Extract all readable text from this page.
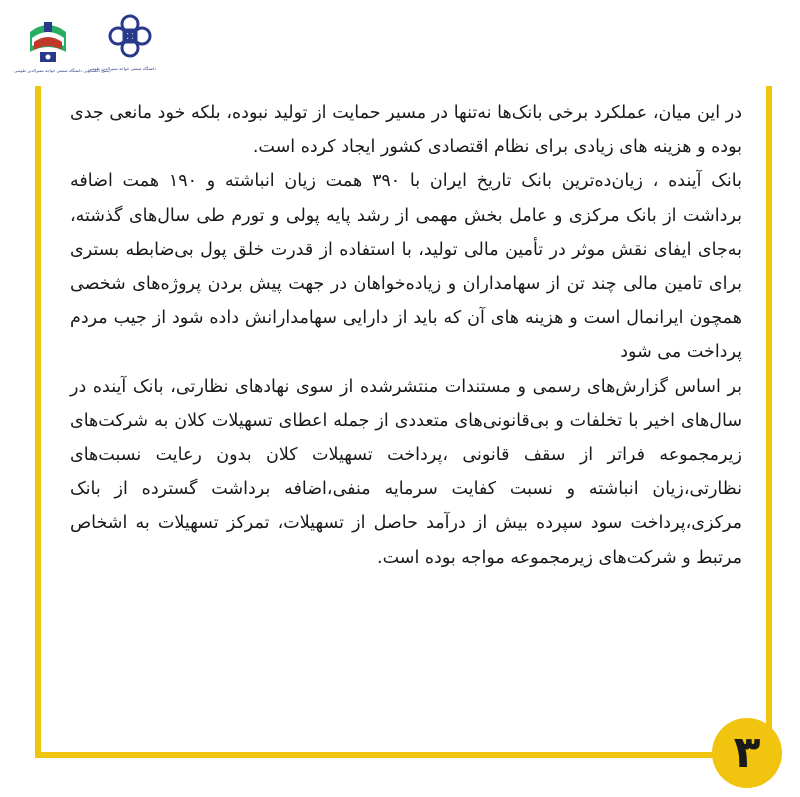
بسیج دانشجویی دانشگاه صنعتی خواجه نصیرالدین طوسی
دانشگاه صنعتی خواجه نصیرالدین طوسی

در این میان، عملکرد برخی بانک‌ها نه‌تنها در مسیر حمایت از تولید نبوده، بلکه خود مانعی جدی بوده و هزینه های زیادی برای نظام اقتصادی کشور ایجاد کرده است.

بانک آینده ، زیان‌ده‌ترین بانک تاریخ ایران با ۳۹۰ همت زیان انباشته و ۱۹۰ همت اضافه برداشت از بانک مرکزی و عامل بخش مهمی از رشد پایه پولی و تورم طی سال‌های گذشته، به‌جای ایفای نقش موثر در تأمین مالی تولید، با استفاده از قدرت خلق پول بی‌ضابطه بستری برای تامین مالی چند تن از سهامداران و زیاده‌خواهان در جهت پیش بردن پروژه‌های شخصی همچون ایرانمال است و هزینه های آن که باید از دارایی سهامدارانش داده شود از جیب مردم پرداخت می شود

بر اساس گزارش‌های رسمی و مستندات منتشرشده از سوی نهادهای نظارتی، بانک آینده در سال‌های اخیر با تخلفات و بی‌قانونی‌های متعددی از جمله اعطای تسهیلات کلان به شرکت‌های زیرمجموعه فراتر از سقف قانونی ،پرداخت تسهیلات کلان بدون رعایت نسبت‌های نظارتی،زیان انباشته و نسبت کفایت سرمایه منفی،اضافه برداشت گسترده از بانک مرکزی،پرداخت سود سپرده بیش از درآمد حاصل از تسهیلات، تمرکز تسهیلات به اشخاص مرتبط و شرکت‌های زیرمجموعه مواجه بوده است.

۳
